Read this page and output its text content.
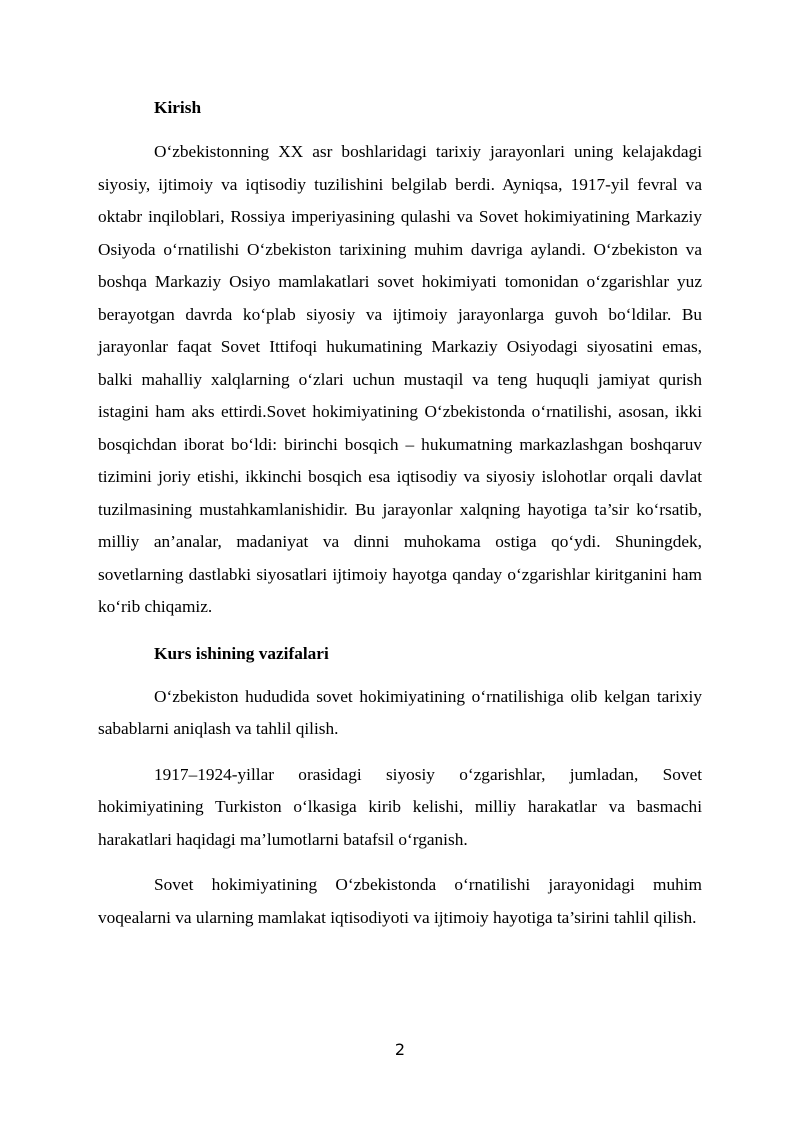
Kirish

O‘zbekistonning XX asr boshlaridagi tarixiy jarayonlari uning kelajakdagi siyosiy, ijtimoiy va iqtisodiy tuzilishini belgilab berdi. Ayniqsa, 1917-yil fevral va oktabr inqiloblari, Rossiya imperiyasining qulashi va Sovet hokimiyatining Markaziy Osiyoda o‘rnatilishi O‘zbekiston tarixining muhim davriga aylandi. O‘zbekiston va boshqa Markaziy Osiyo mamlakatlari sovet hokimiyati tomonidan o‘zgarishlar yuz berayotgan davrda ko‘plab siyosiy va ijtimoiy jarayonlarga guvoh bo‘ldilar. Bu jarayonlar faqat Sovet Ittifoqi hukumatining Markaziy Osiyodagi siyosatini emas, balki mahalliy xalqlarning o‘zlari uchun mustaqil va teng huquqli jamiyat qurish istagini ham aks ettirdi.Sovet hokimiyatining O‘zbekistonda o‘rnatilishi, asosan, ikki bosqichdan iborat bo‘ldi: birinchi bosqich – hukumatning markazlashgan boshqaruv tizimini joriy etishi, ikkinchi bosqich esa iqtisodiy va siyosiy islohotlar orqali davlat tuzilmasining mustahkamlanishidir. Bu jarayonlar xalqning hayotiga ta’sir ko‘rsatib, milliy an’analar, madaniyat va dinni muhokama ostiga qo‘ydi. Shuningdek, sovetlarning dastlabki siyosatlari ijtimoiy hayotga qanday o‘zgarishlar kiritganini ham ko‘rib chiqamiz.

Kurs ishining vazifalari

O‘zbekiston hududida sovet hokimiyatining o‘rnatilishiga olib kelgan tarixiy sabablarni aniqlash va tahlil qilish.

1917–1924-yillar orasidagi siyosiy o‘zgarishlar, jumladan, Sovet hokimiyatining Turkiston o‘lkasiga kirib kelishi, milliy harakatlar va basmachi harakatlari haqidagi ma’lumotlarni batafsil o‘rganish.

Sovet hokimiyatining O‘zbekistonda o‘rnatilishi jarayonidagi muhim voqealarni va ularning mamlakat iqtisodiyoti va ijtimoiy hayotiga ta’sirini tahlil qilish.

2
